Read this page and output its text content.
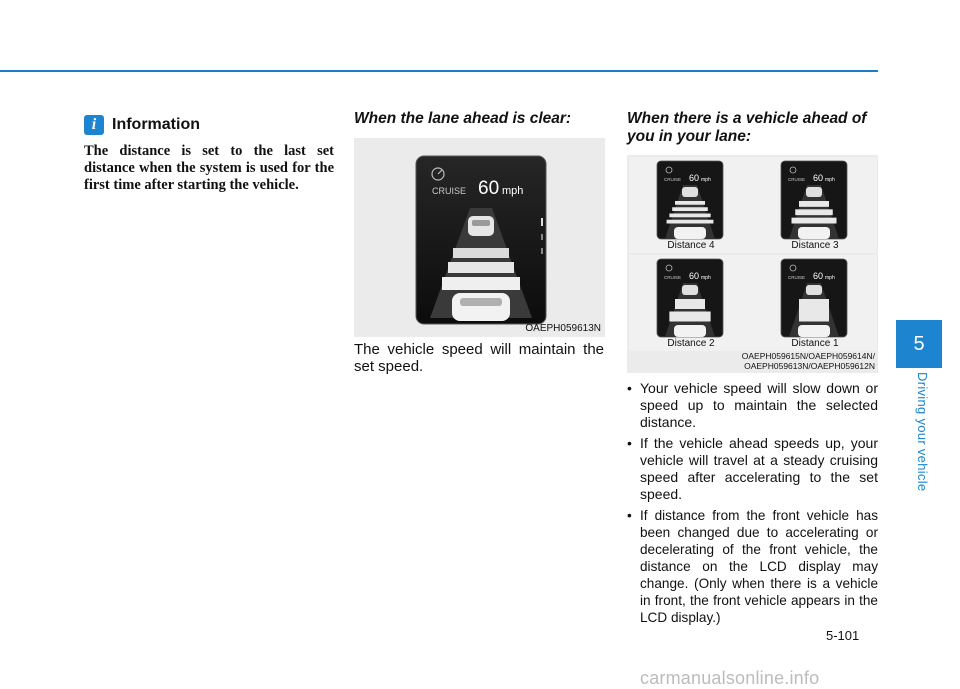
i Information
The distance is set to the last set distance when the system is used for the first time after starting the vehicle.
When the lane ahead is clear:
CRUISE 60 mph
OAEPH059613N
The vehicle speed will maintain the set speed.
When there is a vehicle ahead of you in your lane:
CRUISE 60 mph
Distance 4
CRUISE 60 mph
Distance 3
CRUISE 60 mph
Distance 2
CRUISE 60 mph
Distance 1
OAEPH059615N/OAEPH059614N/
OAEPH059613N/OAEPH059612N
• Your vehicle speed will slow down or speed up to maintain the selected distance.
• If the vehicle ahead speeds up, your vehicle will travel at a steady cruising speed after accelerating to the set speed.
• If distance from the front vehicle has been changed due to accelerating or decelerating of the front vehicle, the distance on the LCD display may change. (Only when there is a vehicle in front, the front vehicle appears in the LCD display.)
5
Driving your vehicle
5-101
carmanualsonline.info
